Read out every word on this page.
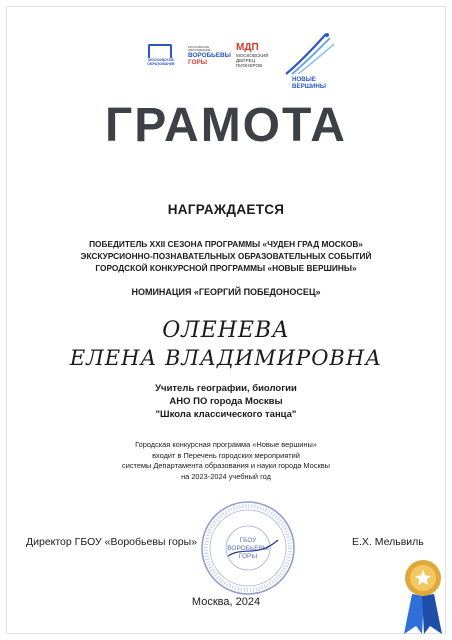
МОСКОВСКОЕ ОБРАЗОВАНИЕ
МОСКОВСКОЕ ОБРАЗОВАНИЕ
ВОРОБЬЕВЫ
ГОРЫ
МДП
МОСКОВСКИЙ ДВОРЕЦ ПИОНЕРОВ
НОВЫЕ
ВЕРШИНЫ
ГРАМОТА
НАГРАЖДАЕТСЯ
ПОБЕДИТЕЛЬ XXII СЕЗОНА ПРОГРАММЫ «ЧУДЕН ГРАД МОСКОВ»
ЭКСКУРСИОННО-ПОЗНАВАТЕЛЬНЫХ ОБРАЗОВАТЕЛЬНЫХ СОБЫТИЙ
ГОРОДСКОЙ КОНКУРСНОЙ ПРОГРАММЫ «НОВЫЕ ВЕРШИНЫ»
НОМИНАЦИЯ «ГЕОРГИЙ ПОБЕДОНОСЕЦ»
ОЛЕНЕВА
ЕЛЕНА ВЛАДИМИРОВНА
Учитель географии, биологии
АНО ПО города Москвы
"Школа классического танца"
Городская конкурсная программа «Новые вершины»
входит в Перечень городских мероприятий
системы Департамента образования и науки города Москвы
на 2023-2024 учебный год
ГБОУ
ВОРОБЬЕВЫ
ГОРЫ
Директор ГБОУ «Воробьевы горы»	Е.Х. Мельвиль
Москва, 2024
